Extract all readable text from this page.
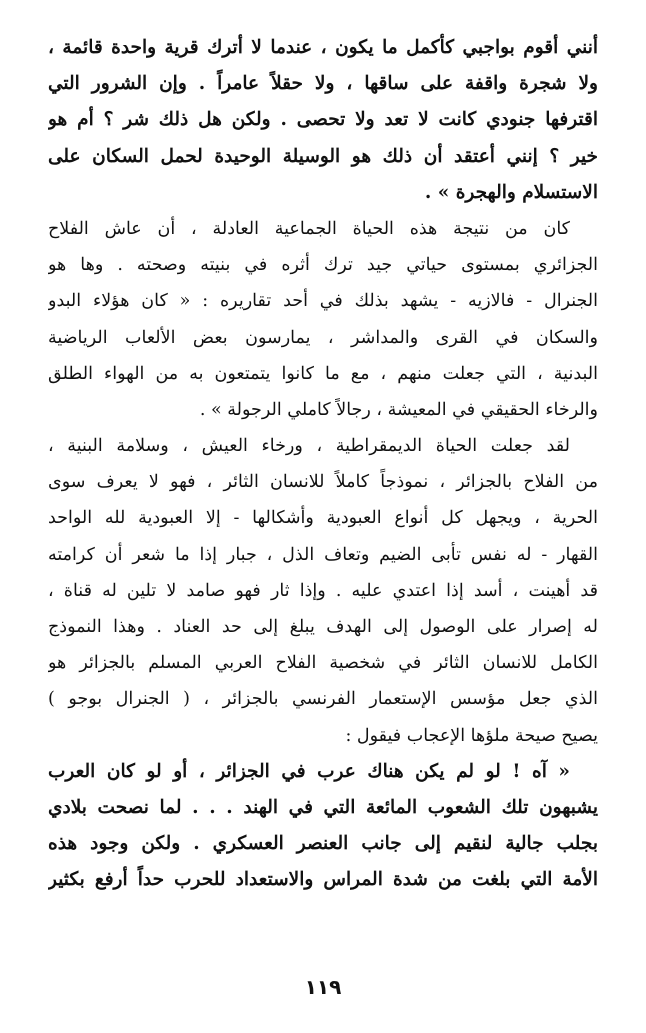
أنني أقوم بواجبي كأكمل ما يكون ، عندما لا أترك قرية واحدة قائمة ،
ولا شجرة واقفة على ساقها ، ولا حقلاً عامراً . وإن الشرور التي
اقترفها جنودي كانت لا تعد ولا تحصى . ولكن هل ذلك شر ؟ أم هو
خير ؟ إنني أعتقد أن ذلك هو الوسيلة الوحيدة لحمل السكان على
الاستسلام والهجرة » .
كان من نتيجة هذه الحياة الجماعية العادلة ، أن عاش الفلاح
الجزائري بمستوى حياتي جيد ترك أثره في بنيته وصحته . وها هو
الجنرال - فالازيه - يشهد بذلك في أحد تقاريره : « كان هؤلاء البدو
والسكان في القرى والمداشر ، يمارسون بعض الألعاب الرياضية
البدنية ، التي جعلت منهم ، مع ما كانوا يتمتعون به من الهواء الطلق
والرخاء الحقيقي في المعيشة ، رجالاً كاملي الرجولة » .
لقد جعلت الحياة الديمقراطية ، ورخاء العيش ، وسلامة البنية ،
من الفلاح بالجزائر ، نموذجاً كاملاً للانسان الثائر ، فهو لا يعرف سوى
الحرية ، ويجهل كل أنواع العبودية وأشكالها - إلا العبودية لله الواحد
القهار - له نفس تأبى الضيم وتعاف الذل ، جبار إذا ما شعر أن كرامته
قد أهينت ، أسد إذا اعتدي عليه . وإذا ثار فهو صامد لا تلين له قناة ،
له إصرار على الوصول إلى الهدف يبلغ إلى حد العناد . وهذا النموذج
الكامل للانسان الثائر في شخصية الفلاح العربي المسلم بالجزائر هو
الذي جعل مؤسس الإستعمار الفرنسي بالجزائر ، ( الجنرال بوجو )
يصيح صيحة ملؤها الإعجاب فيقول :
« آه ! لو لم يكن هناك عرب في الجزائر ، أو لو كان العرب
يشبهون تلك الشعوب المائعة التي في الهند . . . لما نصحت بلادي
بجلب جالية لنقيم إلى جانب العنصر العسكري . ولكن وجود هذه
الأمة التي بلغت من شدة المراس والاستعداد للحرب حداً أرفع بكثير
١١٩
